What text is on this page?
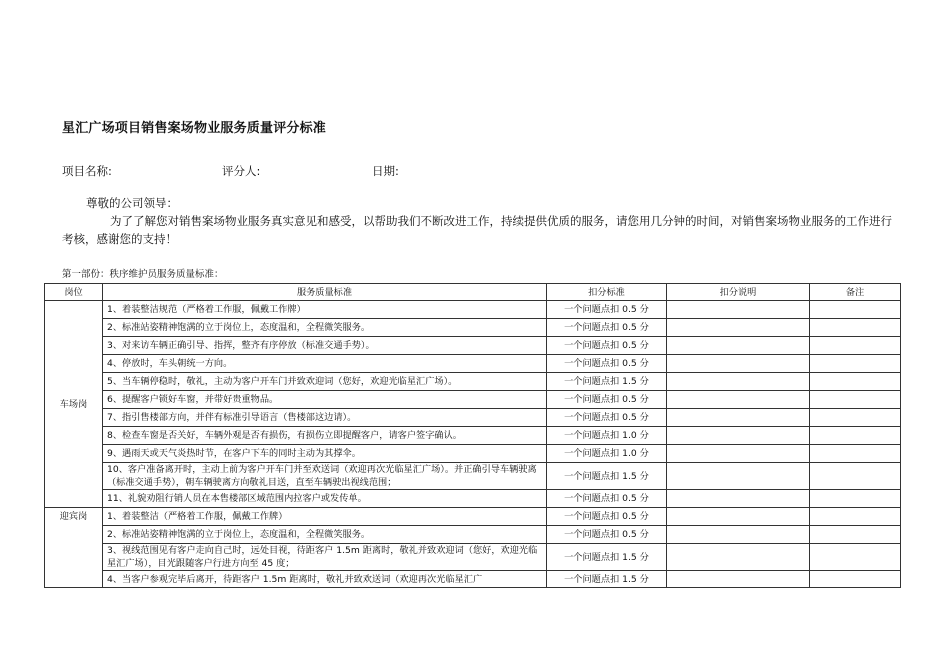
星汇广场项目销售案场物业服务质量评分标准
项目名称:	评分人:	日期:
尊敬的公司领导：
为了了解您对销售案场物业服务真实意见和感受，以帮助我们不断改进工作，持续提供优质的服务，请您用几分钟的时间，对销售案场物业服务的工作进行考核，感谢您的支持！
第一部份：秩序维护员服务质量标准：
岗位	服务质量标准	扣分标准	扣分说明	备注
车场岗	1、着装整洁规范（严格着工作服，佩戴工作牌）	一个问题点扣 0.5 分		
	2、标准站姿精神饱满的立于岗位上，态度温和，全程微笑服务。	一个问题点扣 0.5 分		
	3、对来访车辆正确引导、指挥，整齐有序停放（标准交通手势）。	一个问题点扣 0.5 分		
	4、停放时，车头朝统一方向。	一个问题点扣 0.5 分		
	5、当车辆停稳时，敬礼，主动为客户开车门并致欢迎词（您好，欢迎光临星汇广场）。	一个问题点扣 1.5 分		
	6、提醒客户锁好车窗，并带好贵重物品。	一个问题点扣 0.5 分		
	7、指引售楼部方向，并伴有标准引导语言（售楼部这边请）。	一个问题点扣 0.5 分		
	8、检查车窗是否关好，车辆外观是否有损伤，有损伤立即提醒客户，请客户签字确认。	一个问题点扣 1.0 分		
	9、遇雨天或天气炎热时节，在客户下车的同时主动为其撑伞。	一个问题点扣 1.0 分		
	10、客户准备离开时，主动上前为客户开车门并至欢送词（欢迎再次光临星汇广场）。并正确引导车辆驶离（标准交通手势），朝车辆驶离方向敬礼目送，直至车辆驶出视线范围；	一个问题点扣 1.5 分		
	11、礼貌劝阻行销人员在本售楼部区域范围内拉客户或发传单。	一个问题点扣 0.5 分		
迎宾岗	1、着装整洁（严格着工作服，佩戴工作牌）	一个问题点扣 0.5 分		
	2、标准站姿精神饱满的立于岗位上，态度温和，全程微笑服务。	一个问题点扣 0.5 分		
	3、视线范围见有客户走向自己时，远处目视，待距客户 1.5m 距离时，敬礼并致欢迎词（您好，欢迎光临星汇广场），目光跟随客户行进方向至 45 度；	一个问题点扣 1.5 分		
	4、当客户参观完毕后离开，待距客户 1.5m 距离时，敬礼并致欢送词（欢迎再次光临星汇广	一个问题点扣 1.5 分		
